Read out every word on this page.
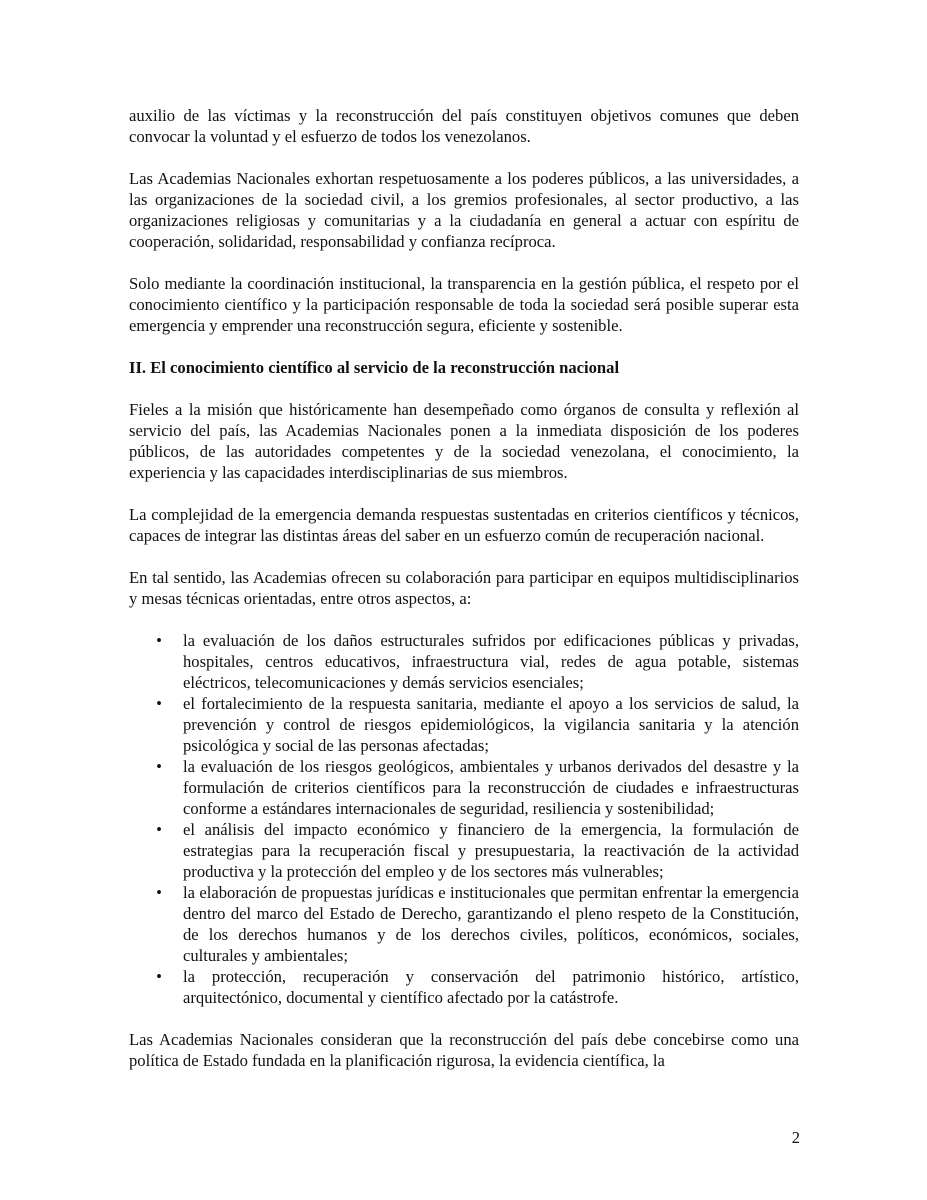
auxilio de las víctimas y la reconstrucción del país constituyen objetivos comunes que deben convocar la voluntad y el esfuerzo de todos los venezolanos.

Las Academias Nacionales exhortan respetuosamente a los poderes públicos, a las universidades, a las organizaciones de la sociedad civil, a los gremios profesionales, al sector productivo, a las organizaciones religiosas y comunitarias y a la ciudadanía en general a actuar con espíritu de cooperación, solidaridad, responsabilidad y confianza recíproca.

Solo mediante la coordinación institucional, la transparencia en la gestión pública, el respeto por el conocimiento científico y la participación responsable de toda la sociedad será posible superar esta emergencia y emprender una reconstrucción segura, eficiente y sostenible.

II. El conocimiento científico al servicio de la reconstrucción nacional

Fieles a la misión que históricamente han desempeñado como órganos de consulta y reflexión al servicio del país, las Academias Nacionales ponen a la inmediata disposición de los poderes públicos, de las autoridades competentes y de la sociedad venezolana, el conocimiento, la experiencia y las capacidades interdisciplinarias de sus miembros.

La complejidad de la emergencia demanda respuestas sustentadas en criterios científicos y técnicos, capaces de integrar las distintas áreas del saber en un esfuerzo común de recuperación nacional.

En tal sentido, las Academias ofrecen su colaboración para participar en equipos multidisciplinarios y mesas técnicas orientadas, entre otros aspectos, a:

• la evaluación de los daños estructurales sufridos por edificaciones públicas y privadas, hospitales, centros educativos, infraestructura vial, redes de agua potable, sistemas eléctricos, telecomunicaciones y demás servicios esenciales;
• el fortalecimiento de la respuesta sanitaria, mediante el apoyo a los servicios de salud, la prevención y control de riesgos epidemiológicos, la vigilancia sanitaria y la atención psicológica y social de las personas afectadas;
• la evaluación de los riesgos geológicos, ambientales y urbanos derivados del desastre y la formulación de criterios científicos para la reconstrucción de ciudades e infraestructuras conforme a estándares internacionales de seguridad, resiliencia y sostenibilidad;
• el análisis del impacto económico y financiero de la emergencia, la formulación de estrategias para la recuperación fiscal y presupuestaria, la reactivación de la actividad productiva y la protección del empleo y de los sectores más vulnerables;
• la elaboración de propuestas jurídicas e institucionales que permitan enfrentar la emergencia dentro del marco del Estado de Derecho, garantizando el pleno respeto de la Constitución, de los derechos humanos y de los derechos civiles, políticos, económicos, sociales, culturales y ambientales;
• la protección, recuperación y conservación del patrimonio histórico, artístico, arquitectónico, documental y científico afectado por la catástrofe.

Las Academias Nacionales consideran que la reconstrucción del país debe concebirse como una política de Estado fundada en la planificación rigurosa, la evidencia científica, la

2
